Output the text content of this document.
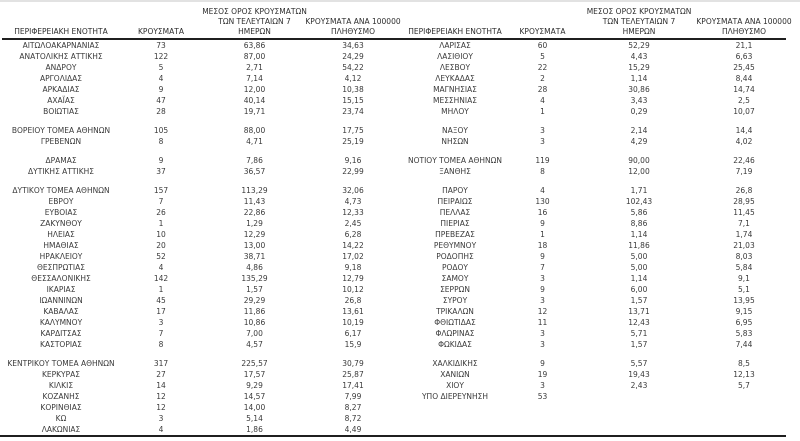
ΠΕΡΙΦΕΡΕΙΑΚΗ ΕΝΟΤΗΤΑ	ΚΡΟΥΣΜΑΤΑ
ΜΕΣΟΣ ΟΡΟΣ ΚΡΟΥΣΜΑΤΩΝ
ΤΩΝ ΤΕΛΕΥΤΑΙΩΝ 7
ΗΜΕΡΩΝ
ΚΡΟΥΣΜΑΤΑ ΑΝΑ 100000
ΠΛΗΘΥΣΜΟ
ΑΙΤΩΛΟΑΚΑΡΝΑΝΙΑΣ	73	63,86	34,63
ΑΝΑΤΟΛΙΚΗΣ ΑΤΤΙΚΗΣ	122	87,00	24,29
ΑΝΔΡΟΥ	5	2,71	54,22
ΑΡΓΟΛΙΔΑΣ	4	7,14	4,12
ΑΡΚΑΔΙΑΣ	9	12,00	10,38
ΑΧΑΪΑΣ	47	40,14	15,15
ΒΟΙΩΤΙΑΣ	28	19,71	23,74
ΒΟΡΕΙΟΥ ΤΟΜΕΑ ΑΘΗΝΩΝ	105	88,00	17,75
ΓΡΕΒΕΝΩΝ	8	4,71	25,19
ΔΡΑΜΑΣ	9	7,86	9,16
ΔΥΤΙΚΗΣ ΑΤΤΙΚΗΣ	37	36,57	22,99
ΔΥΤΙΚΟΥ ΤΟΜΕΑ ΑΘΗΝΩΝ	157	113,29	32,06
ΕΒΡΟΥ	7	11,43	4,73
ΕΥΒΟΙΑΣ	26	22,86	12,33
ΖΑΚΥΝΘΟΥ	1	1,29	2,45
ΗΛΕΙΑΣ	10	12,29	6,28
ΗΜΑΘΙΑΣ	20	13,00	14,22
ΗΡΑΚΛΕΙΟΥ	52	38,71	17,02
ΘΕΣΠΡΩΤΙΑΣ	4	4,86	9,18
ΘΕΣΣΑΛΟΝΙΚΗΣ	142	135,29	12,79
ΙΚΑΡΙΑΣ	1	1,57	10,12
ΙΩΑΝΝΙΝΩΝ	45	29,29	26,8
ΚΑΒΑΛΑΣ	17	11,86	13,61
ΚΑΛΥΜΝΟΥ	3	10,86	10,19
ΚΑΡΔΙΤΣΑΣ	7	7,00	6,17
ΚΑΣΤΟΡΙΑΣ	8	4,57	15,9
ΚΕΝΤΡΙΚΟΥ ΤΟΜΕΑ ΑΘΗΝΩΝ	317	225,57	30,79
ΚΕΡΚΥΡΑΣ	27	17,57	25,87
ΚΙΛΚΙΣ	14	9,29	17,41
ΚΟΖΑΝΗΣ	12	14,57	7,99
ΚΟΡΙΝΘΙΑΣ	12	14,00	8,27
ΚΩ	3	5,14	8,72
ΛΑΚΩΝΙΑΣ	4	1,86	4,49
ΠΕΡΙΦΕΡΕΙΑΚΗ ΕΝΟΤΗΤΑ ΚΡΟΥΣΜΑΤΑ
ΜΕΣΟΣ ΟΡΟΣ ΚΡΟΥΣΜΑΤΩΝ
ΤΩΝ ΤΕΛΕΥΤΑΙΩΝ 7
ΗΜΕΡΩΝ
ΚΡΟΥΣΜΑΤΑ ΑΝΑ 100000
ΠΛΗΘΥΣΜΟ
ΛΑΡΙΣΑΣ	60	52,29	21,1
ΛΑΣΙΘΙΟΥ	5	4,43	6,63
ΛΕΣΒΟΥ	22	15,29	25,45
ΛΕΥΚΑΔΑΣ	2	1,14	8,44
ΜΑΓΝΗΣΙΑΣ	28	30,86	14,74
ΜΕΣΣΗΝΙΑΣ	4	3,43	2,5
ΜΗΛΟΥ	1	0,29	10,07
ΝΑΞΟΥ	3	2,14	14,4
ΝΗΣΩΝ	3	4,29	4,02
ΝΟΤΙΟΥ ΤΟΜΕΑ ΑΘΗΝΩΝ	119	90,00	22,46
ΞΑΝΘΗΣ	8	12,00	7,19
ΠΑΡΟΥ	4	1,71	26,8
ΠΕΙΡΑΙΩΣ	130	102,43	28,95
ΠΕΛΛΑΣ	16	5,86	11,45
ΠΙΕΡΙΑΣ	9	8,86	7,1
ΠΡΕΒΕΖΑΣ	1	1,14	1,74
ΡΕΘΥΜΝΟΥ	18	11,86	21,03
ΡΟΔΟΠΗΣ	9	5,00	8,03
ΡΟΔΟΥ	7	5,00	5,84
ΣΑΜΟΥ	3	1,14	9,1
ΣΕΡΡΩΝ	9	6,00	5,1
ΣΥΡΟΥ	3	1,57	13,95
ΤΡΙΚΑΛΩΝ	12	13,71	9,15
ΦΘΙΩΤΙΔΑΣ	11	12,43	6,95
ΦΛΩΡΙΝΑΣ	3	5,71	5,83
ΦΩΚΙΔΑΣ	3	1,57	7,44
ΧΑΛΚΙΔΙΚΗΣ	9	5,57	8,5
ΧΑΝΙΩΝ	19	19,43	12,13
ΧΙΟΥ	3	2,43	5,7
ΥΠΟ ΔΙΕΡΕΥΝΗΣΗ	53
